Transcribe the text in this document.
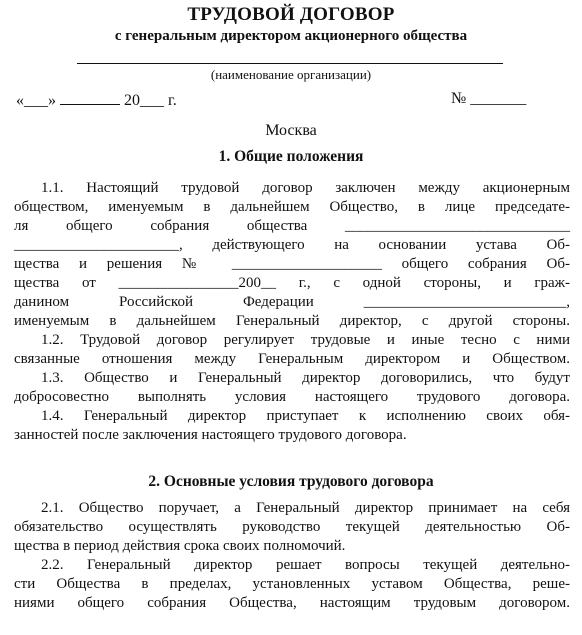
ТРУДОВОЙ ДОГОВОР
с генеральным директором акционерного общества
(наименование организации)
«___»	20___ г.	№ _______
Москва
1. Общие положения
1.1. Настоящий трудовой договор заключен между акционерным
обществом, именуемым в дальнейшем Общество, в лице председате-
ля общего собрания общества ______________________________
______________________, действующего на основании устава Об-
щества и решения № ____________________ общего собрания Об-
щества от ________________200__ г., с одной стороны, и граж-
данином Российской Федерации ___________________________,
именуемым в дальнейшем Генеральный директор, с другой стороны.
1.2. Трудовой договор регулирует трудовые и иные тесно с ними
связанные отношения между Генеральным директором и Обществом.
1.3. Общество и Генеральный директор договорились, что будут
добросовестно выполнять условия настоящего трудового договора.
1.4. Генеральный директор приступает к исполнению своих обя-
занностей после заключения настоящего трудового договора.
2. Основные условия трудового договора
2.1. Общество поручает, а Генеральный директор принимает на себя
обязательство осуществлять руководство текущей деятельностью Об-
щества в период действия срока своих полномочий.
2.2. Генеральный директор решает вопросы текущей деятельно-
сти Общества в пределах, установленных уставом Общества, реше-
ниями общего собрания Общества, настоящим трудовым договором.
